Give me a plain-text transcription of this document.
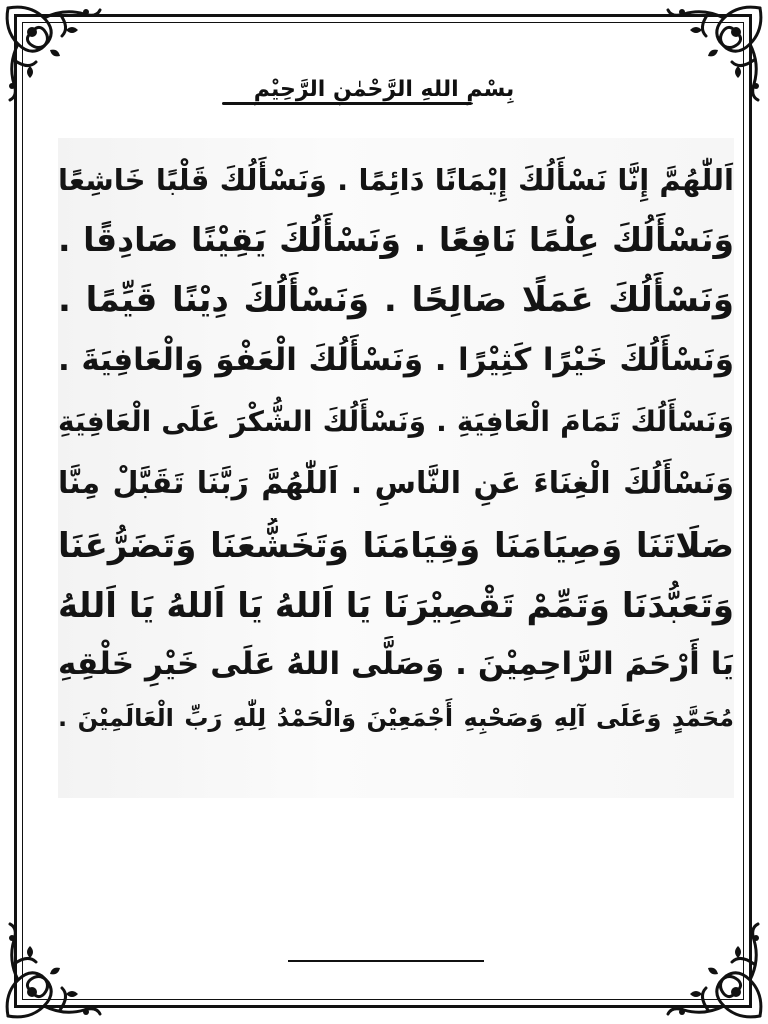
بِسْمِ اللهِ الرَّحْمٰنِ الرَّحِيْمِ
اَللّٰهُمَّ إِنَّا نَسْأَلُكَ إِيْمَانًا دَائِمًا . وَنَسْأَلُكَ قَلْبًا خَاشِعًا
وَنَسْأَلُكَ عِلْمًا نَافِعًا . وَنَسْأَلُكَ يَقِيْنًا صَادِقًا .
وَنَسْأَلُكَ عَمَلًا صَالِحًا . وَنَسْأَلُكَ دِيْنًا قَيِّمًا .
وَنَسْأَلُكَ خَيْرًا كَثِيْرًا . وَنَسْأَلُكَ الْعَفْوَ وَالْعَافِيَةَ .
وَنَسْأَلُكَ تَمَامَ الْعَافِيَةِ . وَنَسْأَلُكَ الشُّكْرَ عَلَى الْعَافِيَةِ
وَنَسْأَلُكَ الْغِنَاءَ عَنِ النَّاسِ . اَللّٰهُمَّ رَبَّنَا تَقَبَّلْ مِنَّا
صَلَاتَنَا وَصِيَامَنَا وَقِيَامَنَا وَتَخَشُّعَنَا وَتَضَرُّعَنَا
وَتَعَبُّدَنَا وَتَمِّمْ تَقْصِيْرَنَا يَا اَللهُ يَا اَللهُ يَا اَللهُ
يَا أَرْحَمَ الرَّاحِمِيْنَ . وَصَلَّى اللهُ عَلَى خَيْرِ خَلْقِهِ
مُحَمَّدٍ وَعَلَى آلِهِ وَصَحْبِهِ أَجْمَعِيْنَ وَالْحَمْدُ لِلّٰهِ رَبِّ الْعَالَمِيْنَ .
